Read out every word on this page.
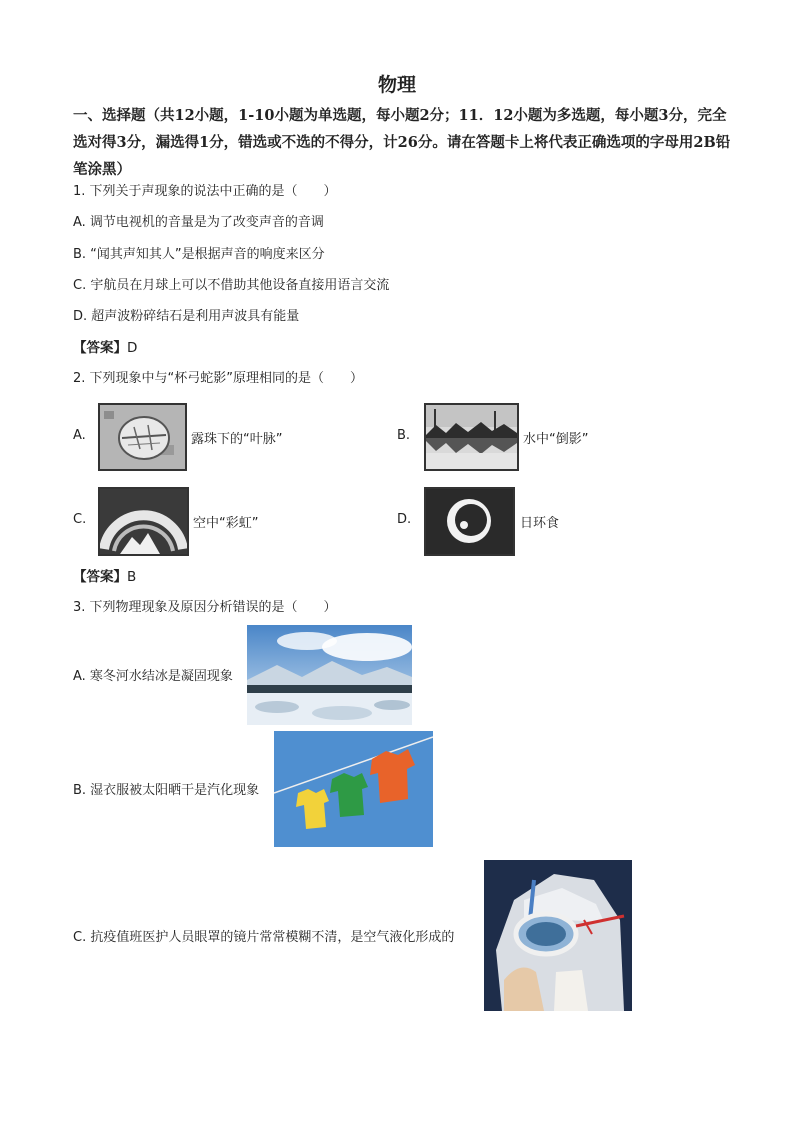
物理
一、选择题（共12小题，1-10小题为单选题，每小题2分；11．12小题为多选题，每小题3分，完全选对得3分，漏选得1分，错选或不选的不得分，计26分。请在答题卡上将代表正确选项的字母用2B铅笔涂黑）
1. 下列关于声现象的说法中正确的是（　　）
A. 调节电视机的音量是为了改变声音的音调
B. “闻其声知其人”是根据声音的响度来区分
C. 宇航员在月球上可以不借助其他设备直接用语言交流
D. 超声波粉碎结石是利用声波具有能量
【答案】D
2. 下列现象中与“杯弓蛇影”原理相同的是（　　）
A.	露珠下的“叶脉”	B.	水中“倒影”
C.	空中“彩虹”	D.	日环食
【答案】B
3. 下列物理现象及原因分析错误的是（　　）
A. 寒冬河水结冰是凝固现象
B. 湿衣服被太阳晒干是汽化现象
C. 抗疫值班医护人员眼罩的镜片常常模糊不清，是空气液化形成的
